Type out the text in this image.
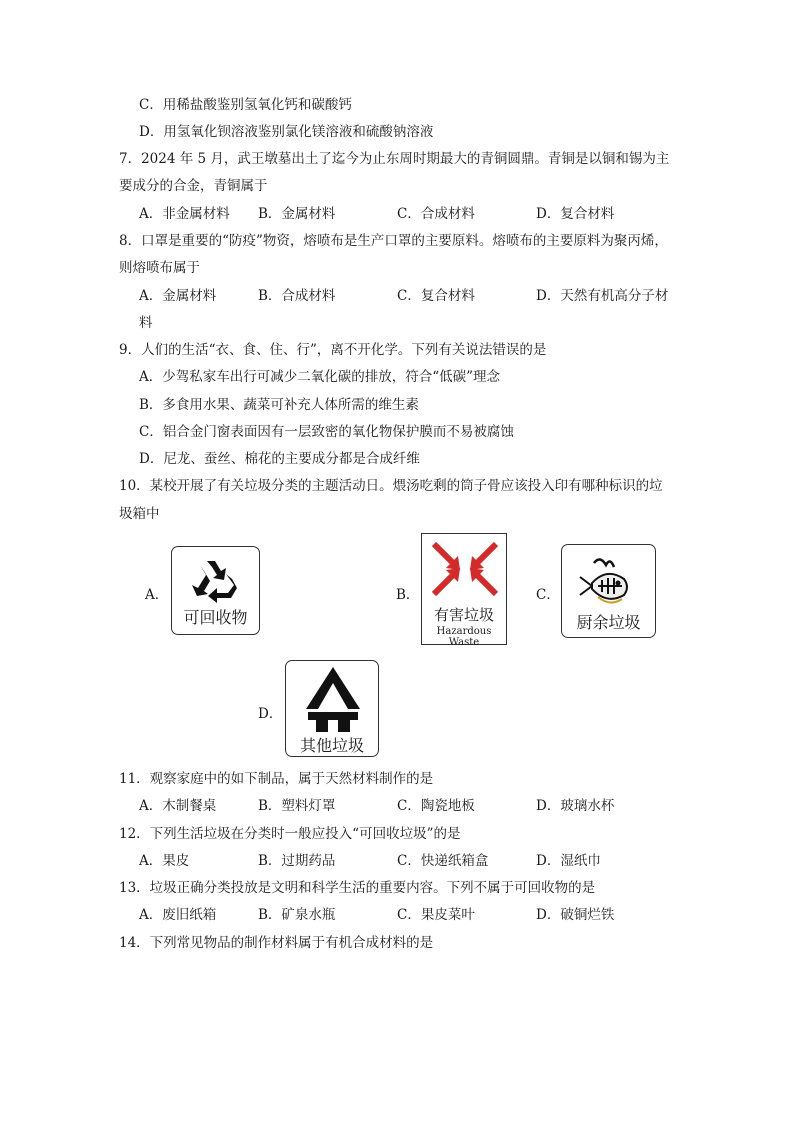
C．用稀盐酸鉴别氢氧化钙和碳酸钙
D．用氢氧化钡溶液鉴别氯化镁溶液和硫酸钠溶液
7．2024 年 5 月，武王墩墓出土了迄今为止东周时期最大的青铜圆鼎。青铜是以铜和锡为主
要成分的合金，青铜属于
A．非金属材料 B．金属材料	C．合成材料	D．复合材料
8．口罩是重要的“防疫”物资，熔喷布是生产口罩的主要原料。熔喷布的主要原料为聚丙烯，
则熔喷布属于
A．金属材料	B．合成材料	C．复合材料	D．天然有机高分子材
料
9．人们的生活“衣、食、住、行”，离不开化学。下列有关说法错误的是
A．少驾私家车出行可减少二氧化碳的排放，符合“低碳”理念
B．多食用水果、蔬菜可补充人体所需的维生素
C．铝合金门窗表面因有一层致密的氧化物保护膜而不易被腐蚀
D．尼龙、蚕丝、棉花的主要成分都是合成纤维
10．某校开展了有关垃圾分类的主题活动日。煨汤吃剩的筒子骨应该投入印有哪种标识的垃
圾箱中
A．
可回收物
B．
有害垃圾
Hazardous Waste
C．
厨余垃圾
D．
其他垃圾
11．观察家庭中的如下制品，属于天然材料制作的是
A．木制餐桌	B．塑料灯罩	C．陶瓷地板	D．玻璃水杯
12．下列生活垃圾在分类时一般应投入“可回收垃圾”的是
A．果皮	B．过期药品	C．快递纸箱盒	D．湿纸巾
13．垃圾正确分类投放是文明和科学生活的重要内容。下列不属于可回收物的是
A．废旧纸箱	B．矿泉水瓶	C．果皮菜叶	D．破铜烂铁
14．下列常见物品的制作材料属于有机合成材料的是
